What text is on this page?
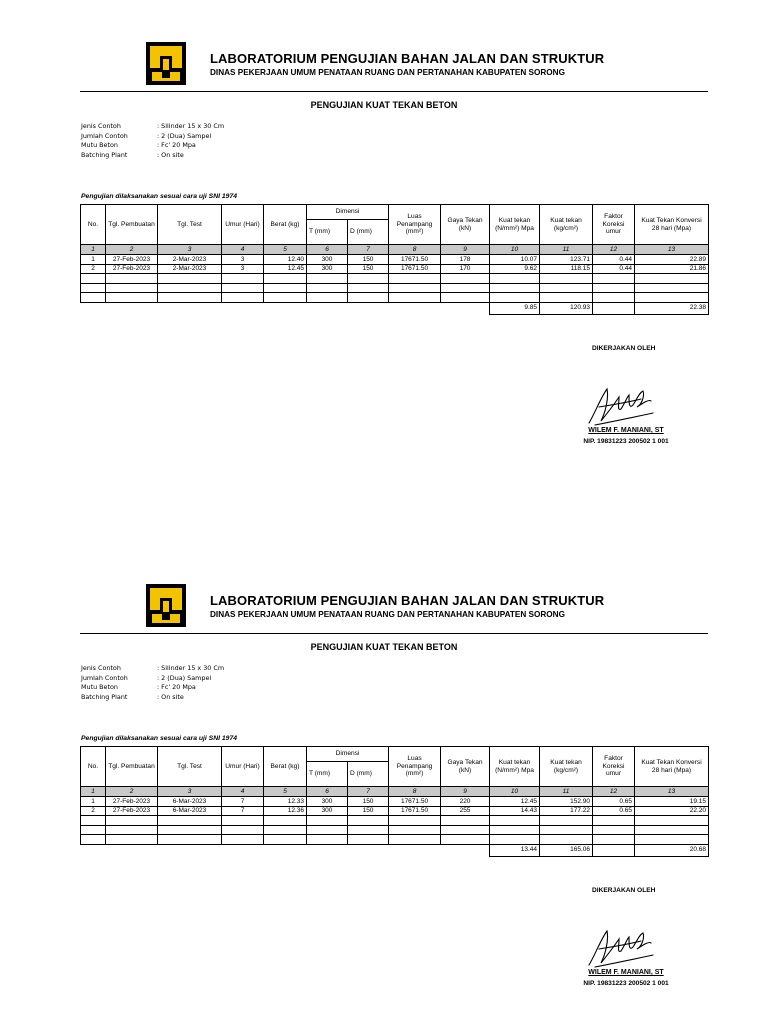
LABORATORIUM PENGUJIAN BAHAN JALAN DAN STRUKTUR
DINAS PEKERJAAN UMUM PENATAAN RUANG DAN PERTANAHAN KABUPATEN SORONG
PENGUJIAN KUAT TEKAN BETON
Jenis Contoh	: Silinder 15 x 30 Cm
Jumlah Contoh	: 2 (Dua) Sampel
Mutu Beton	: Fc' 20 Mpa
Batching Plant	: On site
Pengujian dilaksanakan sesuai cara uji SNI 1974
No.	Tgl. Pembuatan	Tgl. Test	Umur (Hari)	Berat (kg)	Dimensi		Luas Penampang (mm²)	Gaya Tekan (kN)	Kuat tekan (N/mm²) Mpa	Kuat tekan (kg/cm²)	Faktor Koreksi umur	Kuat Tekan Konversi 28 hari (Mpa)
					T (mm)	D (mm)						
1	2	3	4	5	6	7	8	9	10	11	12	13
1	27-Feb-2023	2-Mar-2023	3	12.40	300	150	17671.50	178	10.07	123.71	0.44	22.89
2	27-Feb-2023	2-Mar-2023	3	12.45	300	150	17671.50	170	9.62	118.15	0.44	21.86

									9.85	120.93		22.38
DIKERJAKAN OLEH
WILEM F. MANIANI, ST
NIP. 19831223 200502 1 001
LABORATORIUM PENGUJIAN BAHAN JALAN DAN STRUKTUR
DINAS PEKERJAAN UMUM PENATAAN RUANG DAN PERTANAHAN KABUPATEN SORONG
PENGUJIAN KUAT TEKAN BETON
Jenis Contoh	: Silinder 15 x 30 Cm
Jumlah Contoh	: 2 (Dua) Sampel
Mutu Beton	: Fc' 20 Mpa
Batching Plant	: On site
Pengujian dilaksanakan sesuai cara uji SNI 1974
No.	Tgl. Pembuatan	Tgl. Test	Umur (Hari)	Berat (kg)	Dimensi		Luas Penampang (mm²)	Gaya Tekan (kN)	Kuat tekan (N/mm²) Mpa	Kuat tekan (kg/cm²)	Faktor Koreksi umur	Kuat Tekan Konversi 28 hari (Mpa)
					T (mm)	D (mm)						
1	2	3	4	5	6	7	8	9	10	11	12	13
1	27-Feb-2023	6-Mar-2023	7	12.33	300	150	17671.50	220	12.45	152.90	0.65	19.15
2	27-Feb-2023	6-Mar-2023	7	12.36	300	150	17671.50	255	14.43	177.22	0.65	22.20

									13.44	165.06		20.68
DIKERJAKAN OLEH
WILEM F. MANIANI, ST
NIP. 19831223 200502 1 001
